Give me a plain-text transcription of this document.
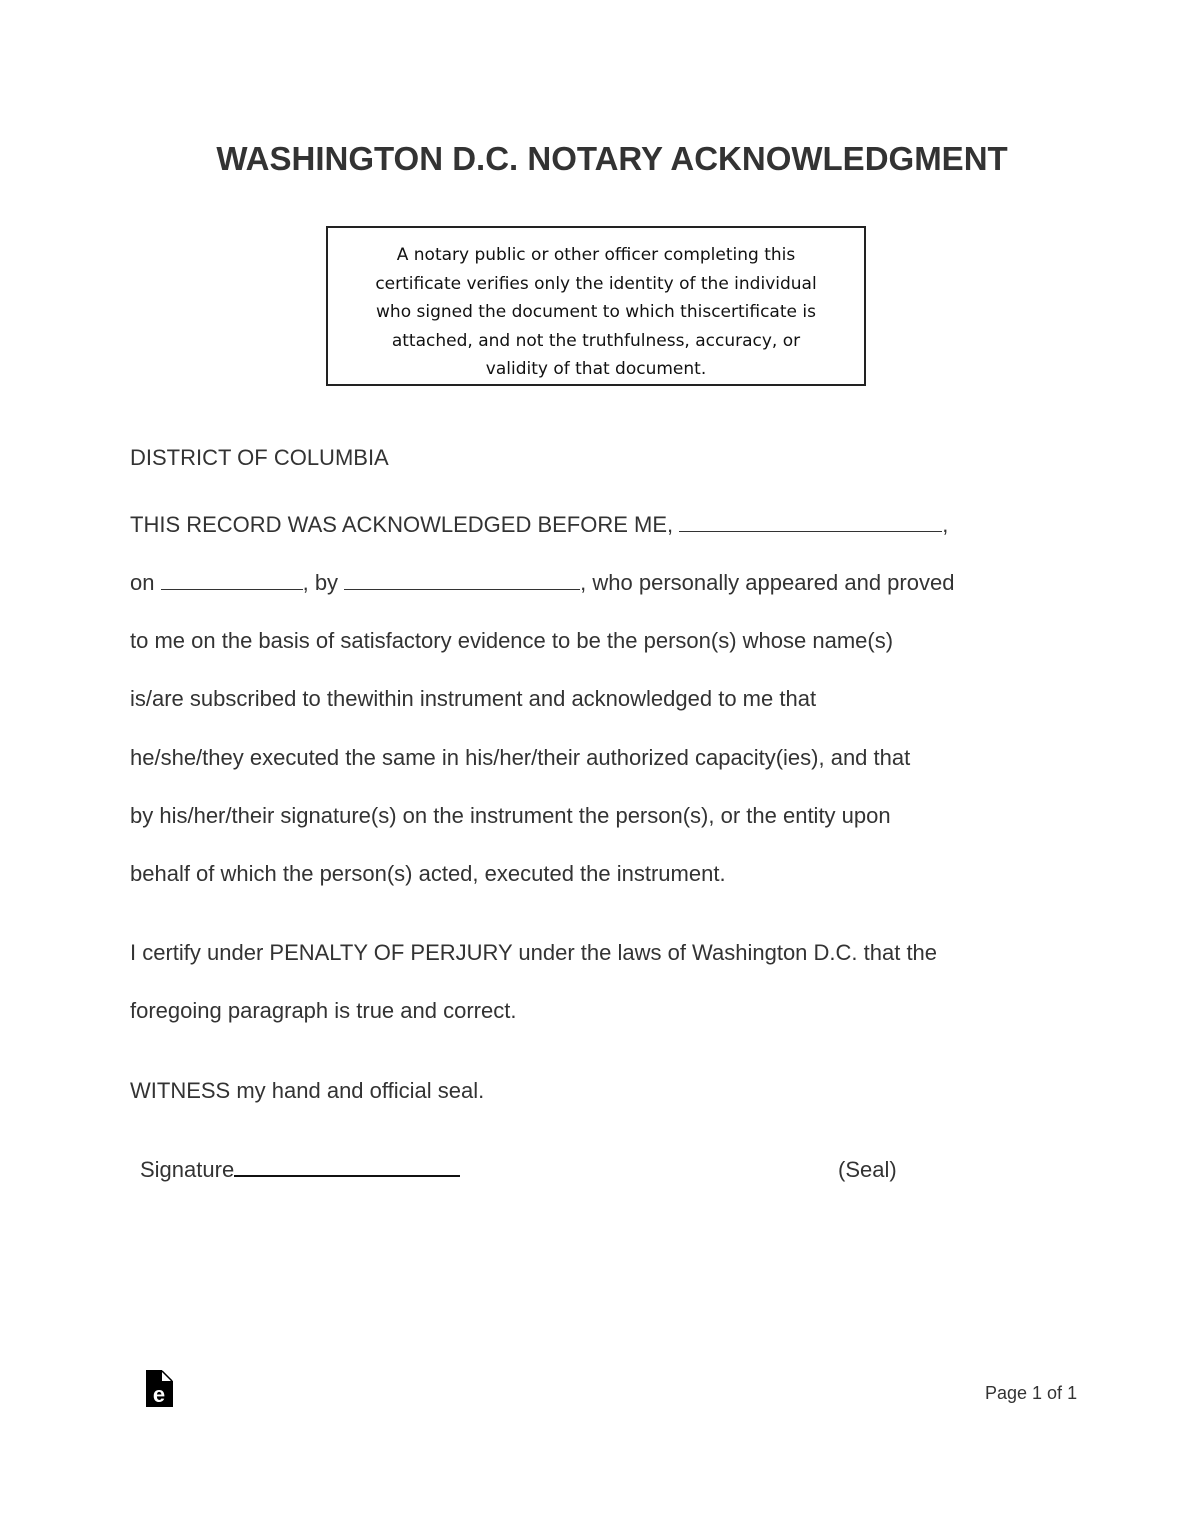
WASHINGTON D.C. NOTARY ACKNOWLEDGMENT
A notary public or other officer completing this
certificate verifies only the identity of the individual
who signed the document to which thiscertificate is
attached, and not the truthfulness, accuracy, or
validity of that document.
DISTRICT OF COLUMBIA
THIS RECORD WAS ACKNOWLEDGED BEFORE ME,	,
on	, by	, who personally appeared and proved
to me on the basis of satisfactory evidence to be the person(s) whose name(s)
is/are subscribed to thewithin instrument and acknowledged to me that
he/she/they executed the same in his/her/their authorized capacity(ies), and that
by his/her/their signature(s) on the instrument the person(s), or the entity upon
behalf of which the person(s) acted, executed the instrument.
I certify under PENALTY OF PERJURY under the laws of Washington D.C. that the
foregoing paragraph is true and correct.
WITNESS my hand and official seal.
Signature	(Seal)
e	Page 1 of 1
